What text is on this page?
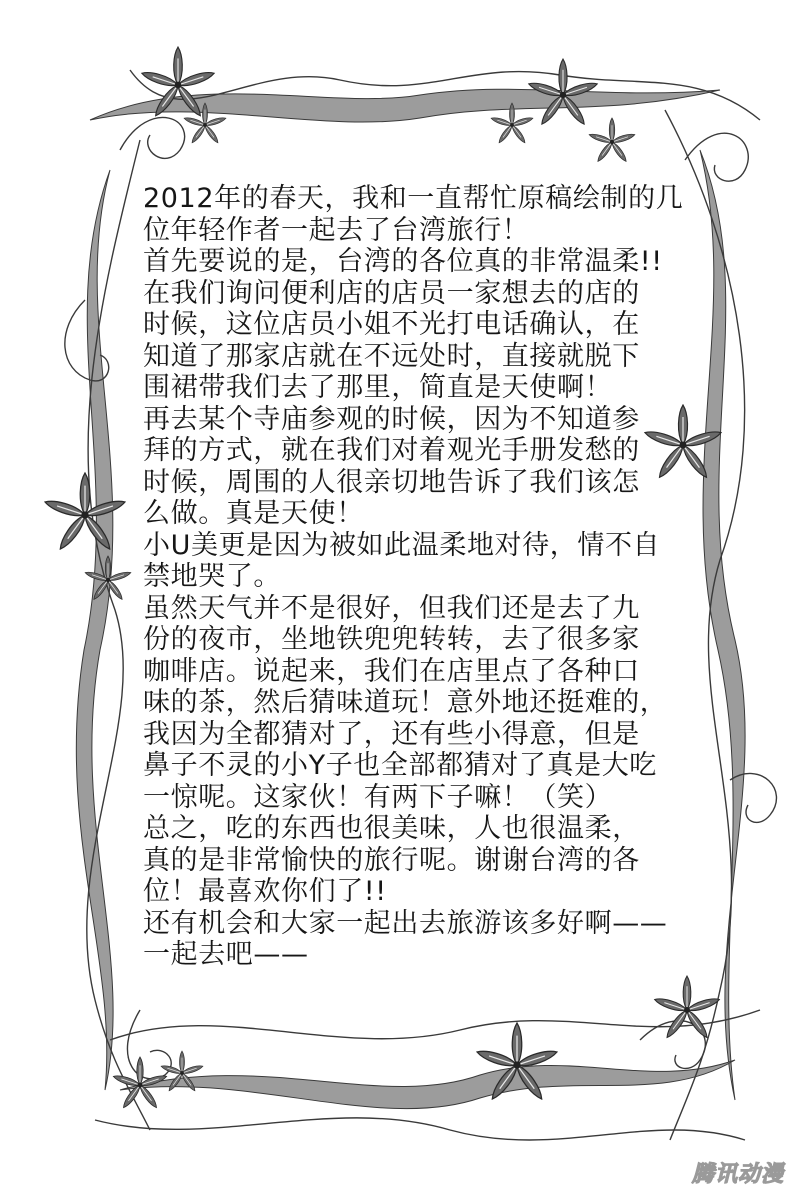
2012年的春天，我和一直帮忙原稿绘制的几
位年轻作者一起去了台湾旅行！
首先要说的是，台湾的各位真的非常温柔!!
在我们询问便利店的店员一家想去的店的
时候，这位店员小姐不光打电话确认，在
知道了那家店就在不远处时，直接就脱下
围裙带我们去了那里，简直是天使啊！
再去某个寺庙参观的时候，因为不知道参
拜的方式，就在我们对着观光手册发愁的
时候，周围的人很亲切地告诉了我们该怎
么做。真是天使！
小U美更是因为被如此温柔地对待，情不自
禁地哭了。
虽然天气并不是很好，但我们还是去了九
份的夜市，坐地铁兜兜转转，去了很多家
咖啡店。说起来，我们在店里点了各种口
味的茶，然后猜味道玩！意外地还挺难的，
我因为全都猜对了，还有些小得意，但是
鼻子不灵的小Y子也全部都猜对了真是大吃
一惊呢。这家伙！有两下子嘛！（笑）
总之，吃的东西也很美味，人也很温柔，
真的是非常愉快的旅行呢。谢谢台湾的各
位！最喜欢你们了!!
还有机会和大家一起出去旅游该多好啊——
一起去吧——
腾讯动漫
